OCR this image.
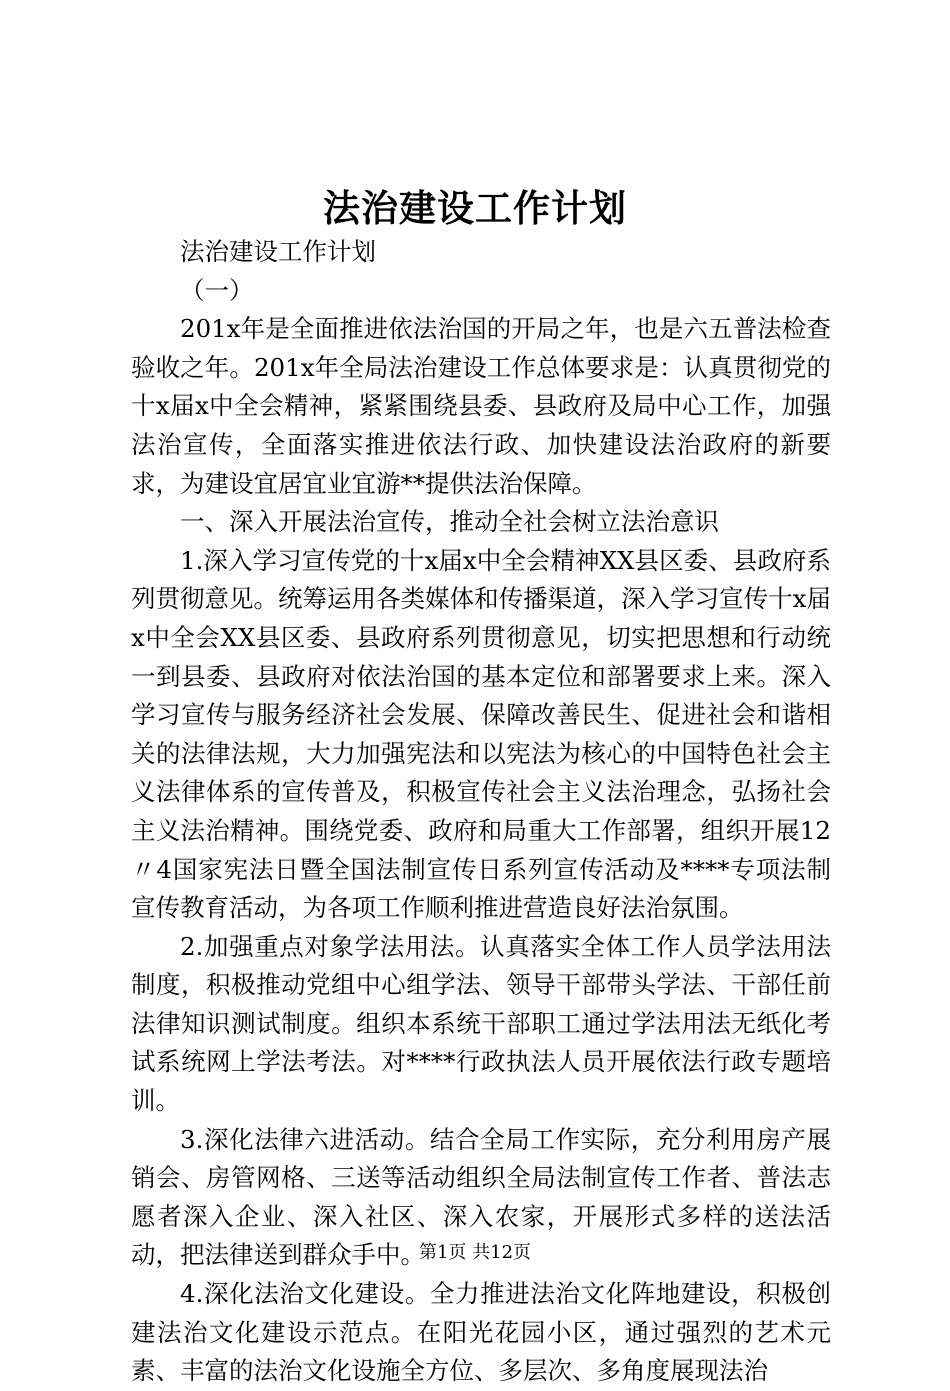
法治建设工作计划

法治建设工作计划

（一）

201x年是全面推进依法治国的开局之年，也是六五普法检查验收之年。201x年全局法治建设工作总体要求是：认真贯彻党的十x届x中全会精神，紧紧围绕县委、县政府及局中心工作，加强法治宣传，全面落实推进依法行政、加快建设法治政府的新要求，为建设宜居宜业宜游**提供法治保障。

一、深入开展法治宣传，推动全社会树立法治意识

1.深入学习宣传党的十x届x中全会精神XX县区委、县政府系列贯彻意见。统筹运用各类媒体和传播渠道，深入学习宣传十x届x中全会XX县区委、县政府系列贯彻意见，切实把思想和行动统一到县委、县政府对依法治国的基本定位和部署要求上来。深入学习宣传与服务经济社会发展、保障改善民生、促进社会和谐相关的法律法规，大力加强宪法和以宪法为核心的中国特色社会主义法律体系的宣传普及，积极宣传社会主义法治理念，弘扬社会主义法治精神。围绕党委、政府和局重大工作部署，组织开展12〃4国家宪法日暨全国法制宣传日系列宣传活动及****专项法制宣传教育活动，为各项工作顺利推进营造良好法治氛围。

2.加强重点对象学法用法。认真落实全体工作人员学法用法制度，积极推动党组中心组学法、领导干部带头学法、干部任前法律知识测试制度。组织本系统干部职工通过学法用法无纸化考试系统网上学法考法。对****行政执法人员开展依法行政专题培训。

3.深化法律六进活动。结合全局工作实际，充分利用房产展销会、房管网格、三送等活动组织全局法制宣传工作者、普法志愿者深入企业、深入社区、深入农家，开展形式多样的送法活动，把法律送到群众手中。

4.深化法治文化建设。全力推进法治文化阵地建设，积极创建法治文化建设示范点。在阳光花园小区，通过强烈的艺术元素、丰富的法治文化设施全方位、多层次、多角度展现法治

第1页 共12页
